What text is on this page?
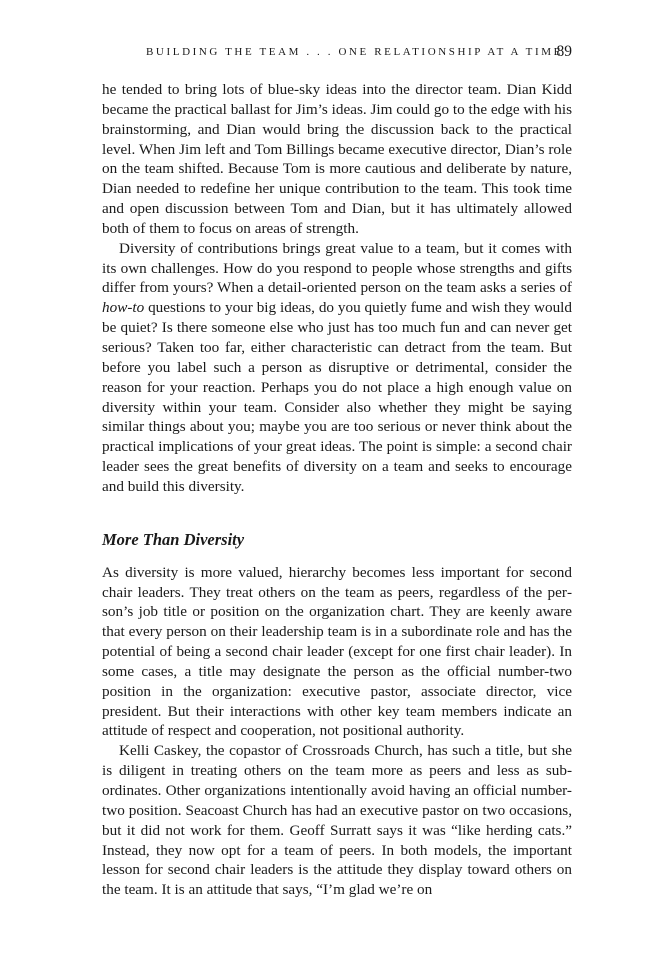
BUILDING THE TEAM . . . ONE RELATIONSHIP AT A TIME
89

he tended to bring lots of blue-sky ideas into the director team. Dian Kidd became the practical ballast for Jim’s ideas. Jim could go to the edge with his brainstorming, and Dian would bring the discussion back to the practical level. When Jim left and Tom Billings became executive director, Dian’s role on the team shifted. Because Tom is more cautious and deliberate by nature, Dian needed to redefine her unique contribution to the team. This took time and open discussion between Tom and Dian, but it has ultimately allowed both of them to focus on areas of strength.

Diversity of contributions brings great value to a team, but it comes with its own challenges. How do you respond to people whose strengths and gifts differ from yours? When a detail-oriented person on the team asks a series of how-to questions to your big ideas, do you quietly fume and wish they would be quiet? Is there someone else who just has too much fun and can never get serious? Taken too far, either characteristic can detract from the team. But before you label such a person as disruptive or detrimental, consider the reason for your reaction. Perhaps you do not place a high enough value on diversity within your team. Consider also whether they might be saying similar things about you; maybe you are too serious or never think about the practical implications of your great ideas. The point is simple: a second chair leader sees the great benefits of diversity on a team and seeks to encourage and build this diversity.

More Than Diversity

As diversity is more valued, hierarchy becomes less important for second chair leaders. They treat others on the team as peers, regardless of the person’s job title or position on the organization chart. They are keenly aware that every person on their leadership team is in a subordinate role and has the potential of being a second chair leader (except for one first chair leader). In some cases, a title may designate the person as the official number-two position in the organization: executive pastor, associate director, vice president. But their interactions with other key team members indicate an attitude of respect and cooperation, not positional authority.

Kelli Caskey, the copastor of Crossroads Church, has such a title, but she is diligent in treating others on the team more as peers and less as subordinates. Other organizations intentionally avoid having an official number-two position. Seacoast Church has had an executive pastor on two occasions, but it did not work for them. Geoff Surratt says it was “like herding cats.” Instead, they now opt for a team of peers. In both models, the important lesson for second chair leaders is the attitude they display toward others on the team. It is an attitude that says, “I’m glad we’re on
